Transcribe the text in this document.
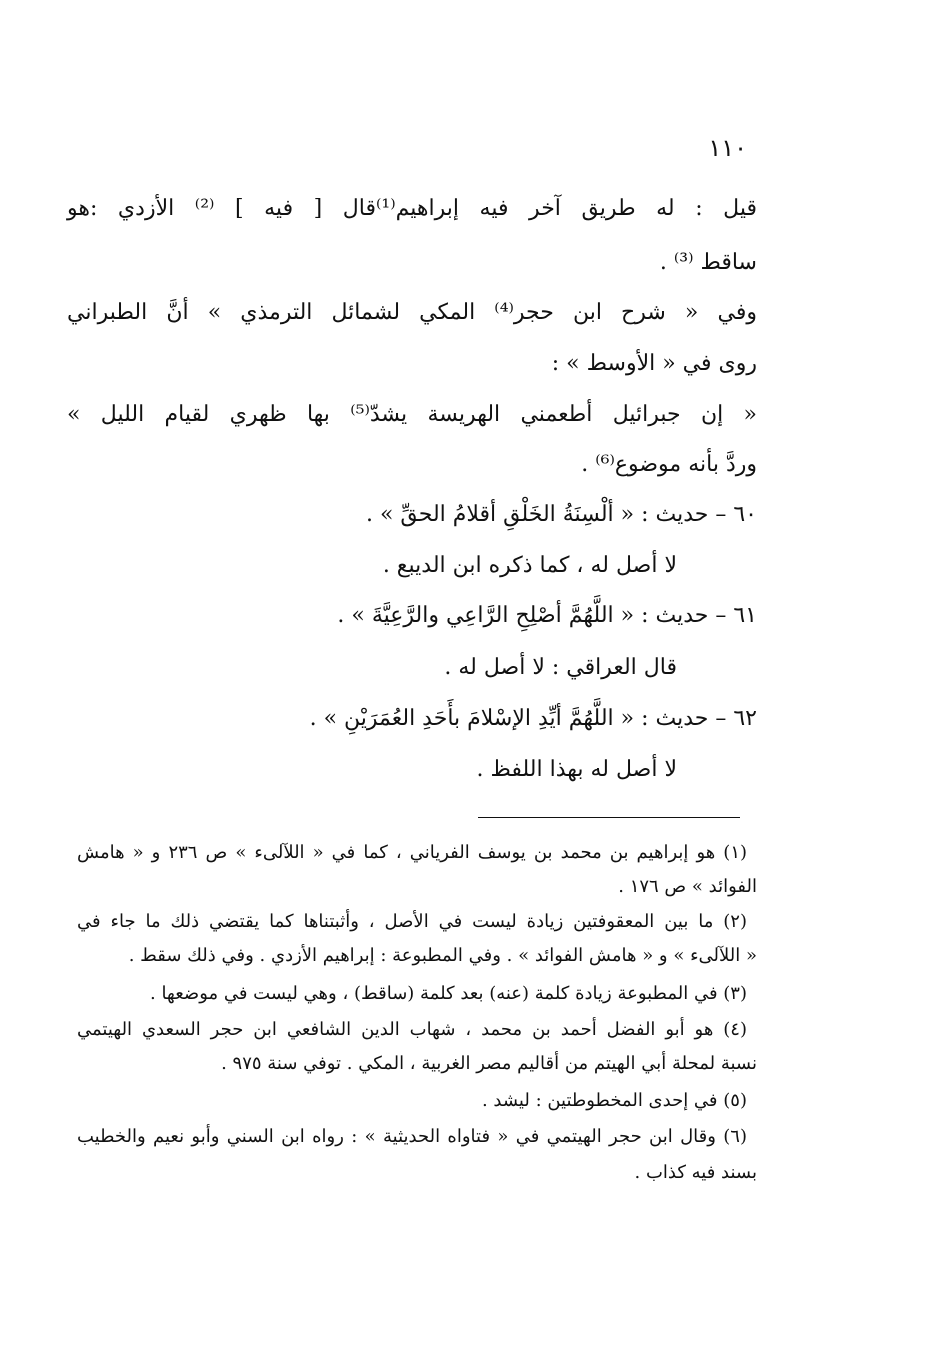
١١٠
قيل : له طريق آخر فيه إبراهيم⁽¹⁾قال [ فيه ] ⁽²⁾ الأزدي :هو
ساقط ⁽³⁾ .
وفي « شرح ابن حجر⁽⁴⁾ المكي لشمائل الترمذي » أنَّ الطبراني
روى في « الأوسط » :
« إن جبرائيل أطعمني الهريسة يشدّ⁽⁵⁾ بها ظهري لقيام الليل »
وردَّ بأنه موضوع⁽⁶⁾ .
٦٠ – حديث : « ألْسِنَةُ الخَلْقِ أقلامُ الحقِّ » .
لا أصل له ، كما ذكره ابن الديبع .
٦١ – حديث : « اللَّهُمَّ أصْلِحِ الرَّاعِي والرَّعِيَّةَ » .
قال العراقي : لا أصل له .
٦٢ – حديث : « اللَّهُمَّ أيِّدِ الإسْلامَ بأَحَدِ العُمَرَيْنِ » .
لا أصل له بهذا اللفظ .
(١) هو إبراهيم بن محمد بن يوسف الفرياني ، كما في « اللآلىء » ص ٢٣٦ و « هامش
الفوائد » ص ١٧٦ .
(٢) ما بين المعقوفتين زيادة ليست في الأصل ، وأثبتناها كما يقتضي ذلك ما جاء في
« اللآلىء » و « هامش الفوائد » . وفي المطبوعة : إبراهيم الأزدي . وفي ذلك سقط .
(٣) في المطبوعة زيادة كلمة (عنه) بعد كلمة (ساقط) ، وهي ليست في موضعها .
(٤) هو أبو الفضل أحمد بن محمد ، شهاب الدين الشافعي ابن حجر السعدي الهيتمي
نسبة لمحلة أبي الهيتم من أقاليم مصر الغربية ، المكي . توفي سنة ٩٧٥ .
(٥) في إحدى المخطوطتين : ليشد .
(٦) وقال ابن حجر الهيتمي في « فتاواه الحديثية » : رواه ابن السني وأبو نعيم والخطيب
بسند فيه كذاب .
